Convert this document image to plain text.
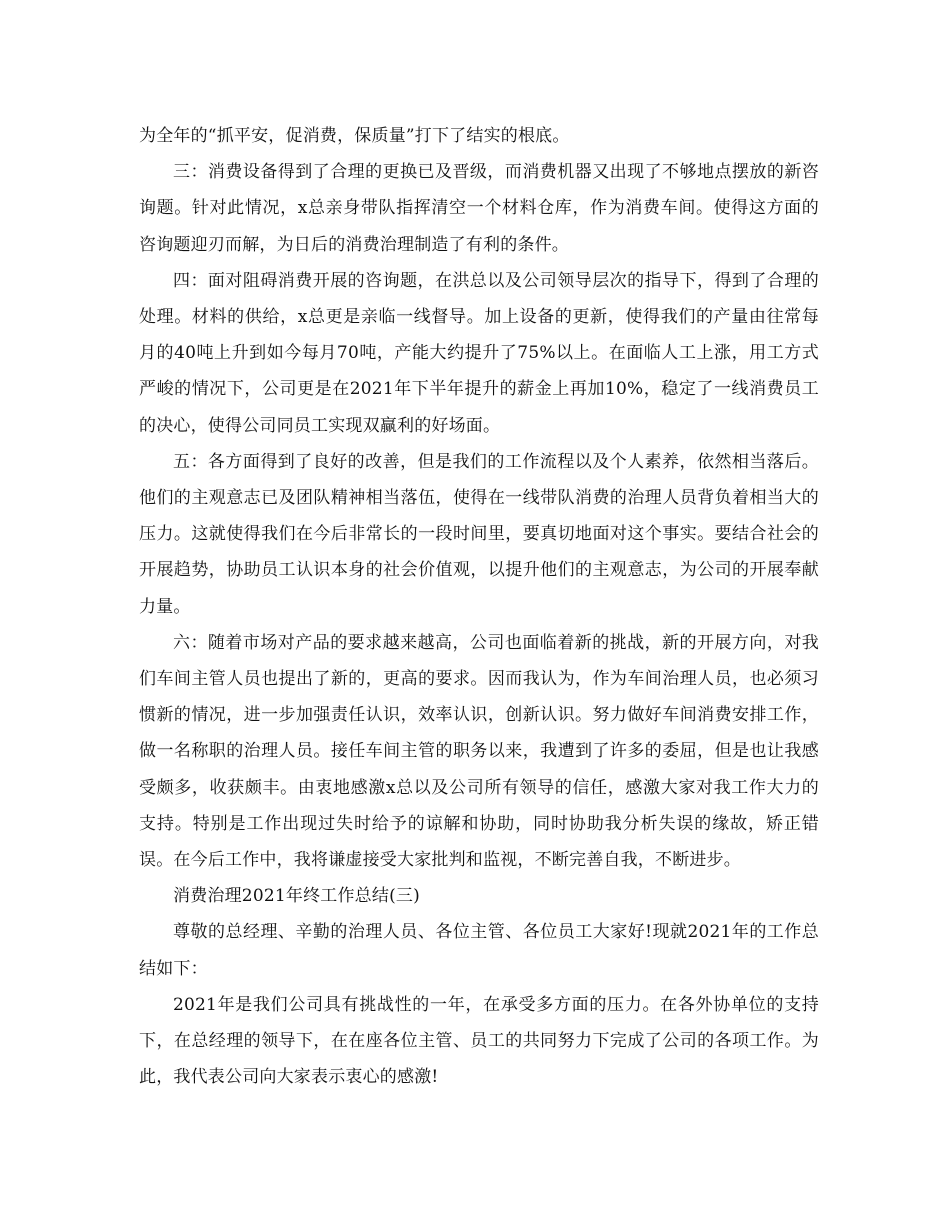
为全年的“抓平安，促消费，保质量”打下了结实的根底。

三：消费设备得到了合理的更换已及晋级，而消费机器又出现了不够地点摆放的新咨询题。针对此情况，x总亲身带队指挥清空一个材料仓库，作为消费车间。使得这方面的咨询题迎刃而解，为日后的消费治理制造了有利的条件。

四：面对阻碍消费开展的咨询题，在洪总以及公司领导层次的指导下，得到了合理的处理。材料的供给，x总更是亲临一线督导。加上设备的更新，使得我们的产量由往常每月的40吨上升到如今每月70吨，产能大约提升了75%以上。在面临人工上涨，用工方式严峻的情况下，公司更是在2021年下半年提升的薪金上再加10%，稳定了一线消费员工的决心，使得公司同员工实现双赢利的好场面。

五：各方面得到了良好的改善，但是我们的工作流程以及个人素养，依然相当落后。他们的主观意志已及团队精神相当落伍，使得在一线带队消费的治理人员背负着相当大的压力。这就使得我们在今后非常长的一段时间里，要真切地面对这个事实。要结合社会的开展趋势，协助员工认识本身的社会价值观，以提升他们的主观意志，为公司的开展奉献力量。

六：随着市场对产品的要求越来越高，公司也面临着新的挑战，新的开展方向，对我们车间主管人员也提出了新的，更高的要求。因而我认为，作为车间治理人员，也必须习惯新的情况，进一步加强责任认识，效率认识，创新认识。努力做好车间消费安排工作，做一名称职的治理人员。接任车间主管的职务以来，我遭到了许多的委屈，但是也让我感受颇多，收获颇丰。由衷地感激x总以及公司所有领导的信任，感激大家对我工作大力的支持。特别是工作出现过失时给予的谅解和协助，同时协助我分析失误的缘故，矫正错误。在今后工作中，我将谦虚接受大家批判和监视，不断完善自我，不断进步。

消费治理2021年终工作总结(三)

尊敬的总经理、辛勤的治理人员、各位主管、各位员工大家好!现就2021年的工作总结如下：

2021年是我们公司具有挑战性的一年，在承受多方面的压力。在各外协单位的支持下，在总经理的领导下，在在座各位主管、员工的共同努力下完成了公司的各项工作。为此，我代表公司向大家表示衷心的感激!
